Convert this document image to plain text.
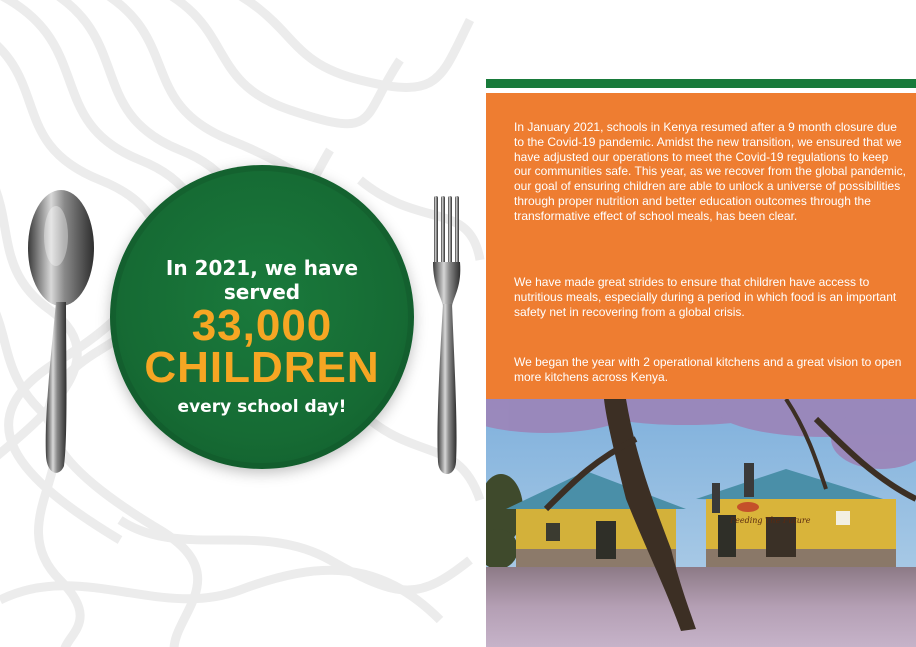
In 2021, we have
served
33,000
CHILDREN
every school day!

In January 2021, schools in Kenya resumed after a 9 month closure due to the Covid-19 pandemic. Amidst the new transition, we ensured that we have adjusted our operations to meet the Covid-19 regulations to keep our communities safe. This year, as we recover from the global pandemic, our goal of ensuring children are able to unlock a universe of possibilities through proper nutrition and better education outcomes through the transformative effect of school meals, has been clear.

We have made great strides to ensure that children have access to nutritious meals, especially during a period in which food is an important safety net in recovering from a global crisis.

We began the year with 2 operational kitchens and a great vision to open more kitchens across Kenya.

Feeding The Future
